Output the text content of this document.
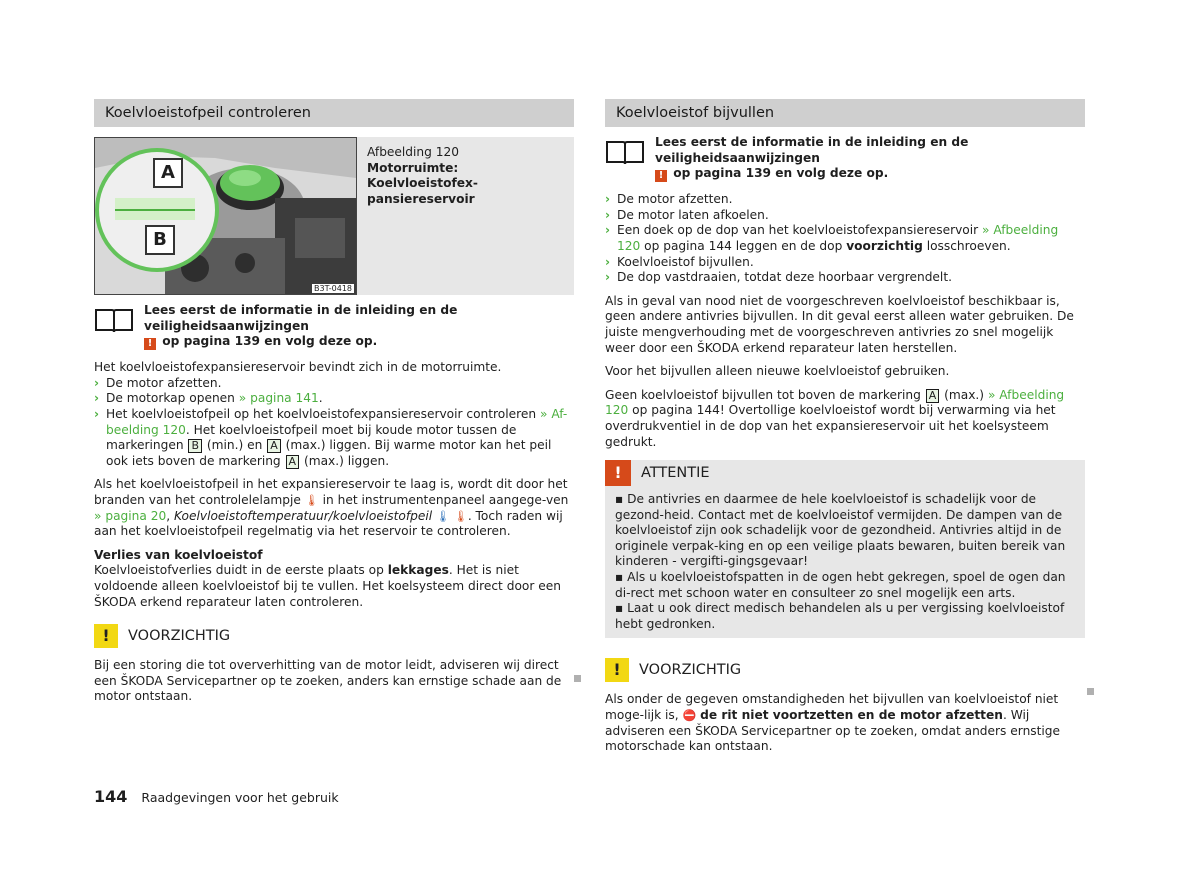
Koelvloeistofpeil controleren
A
B
B3T-0418
Afbeelding 120
Motorruimte: Koelvloeistofex-pansiereservoir
Lees eerst de informatie in de inleiding en de veiligheidsaanwijzingen
! op pagina 139 en volg deze op.

Het koelvloeistofexpansiereservoir bevindt zich in de motorruimte.

› De motor afzetten.
› De motorkap openen » pagina 141.
› Het koelvloeistofpeil op het koelvloeistofexpansiereservoir controleren » Af-beelding 120. Het koelvloeistofpeil moet bij koude motor tussen de markeringen B (min.) en A (max.) liggen. Bij warme motor kan het peil ook iets boven de markering A (max.) liggen.

Als het koelvloeistofpeil in het expansiereservoir te laag is, wordt dit door het branden van het controlelelampje 🌡 in het instrumentenpaneel aangege-ven » pagina 20, Koelvloeistoftemperatuur/koelvloeistofpeil 🌡 🌡. Toch raden wij aan het koelvloeistofpeil regelmatig via het reservoir te controleren.

Verlies van koelvloeistof

Koelvloeistofverlies duidt in de eerste plaats op lekkages. Het is niet voldoende alleen koelvloeistof bij te vullen. Het koelsysteem direct door een ŠKODA erkend reparateur laten controleren.

!	VOORZICHTIG

Bij een storing die tot oververhitting van de motor leidt, adviseren wij direct een ŠKODA Servicepartner op te zoeken, anders kan ernstige schade aan de motor ontstaan.

Koelvloeistof bijvullen
Lees eerst de informatie in de inleiding en de veiligheidsaanwijzingen
! op pagina 139 en volg deze op.
› De motor afzetten.
› De motor laten afkoelen.
› Een doek op de dop van het koelvloeistofexpansiereservoir » Afbeelding 120 op pagina 144 leggen en de dop voorzichtig losschroeven.
› Koelvloeistof bijvullen.
› De dop vastdraaien, totdat deze hoorbaar vergrendelt.

Als in geval van nood niet de voorgeschreven koelvloeistof beschikbaar is, geen andere antivries bijvullen. In dit geval eerst alleen water gebruiken. De juiste mengverhouding met de voorgeschreven antivries zo snel mogelijk weer door een ŠKODA erkend reparateur laten herstellen.

Voor het bijvullen alleen nieuwe koelvloeistof gebruiken.

Geen koelvloeistof bijvullen tot boven de markering A (max.) » Afbeelding 120 op pagina 144! Overtollige koelvloeistof wordt bij verwarming via het overdrukventiel in de dop van het expansiereservoir uit het koelsysteem gedrukt.

!	ATTENTIE
▪ De antivries en daarmee de hele koelvloeistof is schadelijk voor de gezond-heid. Contact met de koelvloeistof vermijden. De dampen van de koelvloeistof zijn ook schadelijk voor de gezondheid. Antivries altijd in de originele verpak-king en op een veilige plaats bewaren, buiten bereik van kinderen - vergifti-gingsgevaar!
▪ Als u koelvloeistofspatten in de ogen hebt gekregen, spoel de ogen dan di-rect met schoon water en consulteer zo snel mogelijk een arts.
▪ Laat u ook direct medisch behandelen als u per vergissing koelvloeistof hebt gedronken.
!	VOORZICHTIG

Als onder de gegeven omstandigheden het bijvullen van koelvloeistof niet moge-lijk is, ⛔ de rit niet voortzetten en de motor afzetten. Wij adviseren een ŠKODA Servicepartner op te zoeken, omdat anders ernstige motorschade kan ontstaan.

144 Raadgevingen voor het gebruik
